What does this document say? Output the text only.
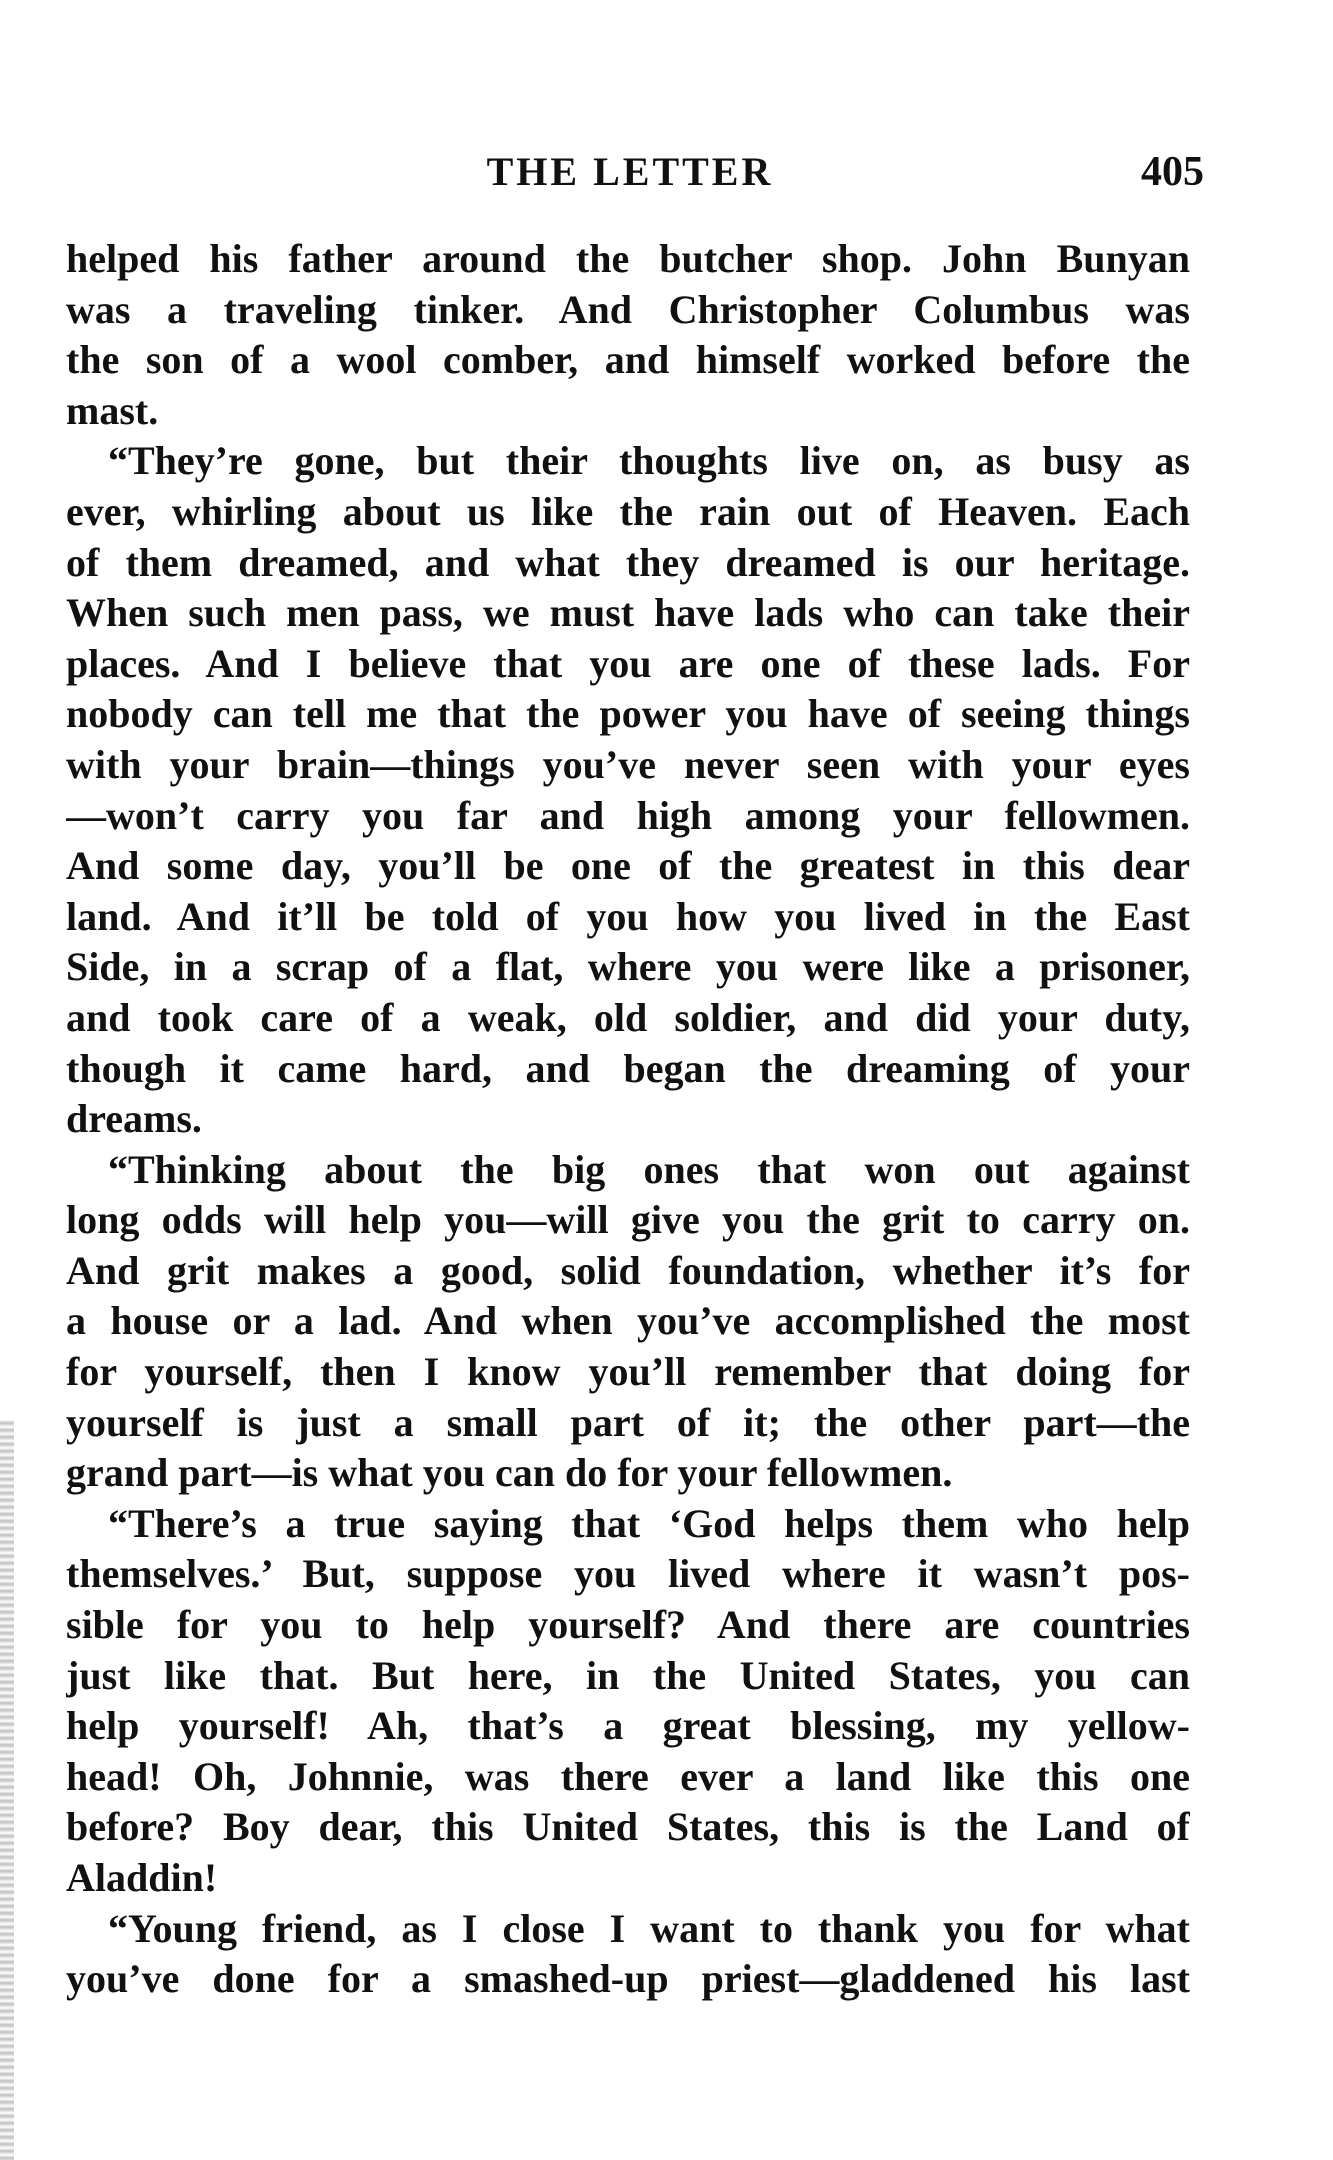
THE LETTER	405
helped his father around the butcher shop. John Bunyan
was a traveling tinker. And Christopher Columbus was
the son of a wool comber, and himself worked before the
mast.
“They’re gone, but their thoughts live on, as busy as
ever, whirling about us like the rain out of Heaven. Each
of them dreamed, and what they dreamed is our heritage.
When such men pass, we must have lads who can take their
places. And I believe that you are one of these lads. For
nobody can tell me that the power you have of seeing things
with your brain—things you’ve never seen with your eyes
—won’t carry you far and high among your fellowmen.
And some day, you’ll be one of the greatest in this dear
land. And it’ll be told of you how you lived in the East
Side, in a scrap of a flat, where you were like a prisoner,
and took care of a weak, old soldier, and did your duty,
though it came hard, and began the dreaming of your
dreams.
“Thinking about the big ones that won out against
long odds will help you—will give you the grit to carry on.
And grit makes a good, solid foundation, whether it’s for
a house or a lad. And when you’ve accomplished the most
for yourself, then I know you’ll remember that doing for
yourself is just a small part of it; the other part—the
grand part—is what you can do for your fellowmen.
“There’s a true saying that ‘God helps them who help
themselves.’ But, suppose you lived where it wasn’t pos-
sible for you to help yourself? And there are countries
just like that. But here, in the United States, you can
help yourself! Ah, that’s a great blessing, my yellow-
head! Oh, Johnnie, was there ever a land like this one
before? Boy dear, this United States, this is the Land of
Aladdin!
“Young friend, as I close I want to thank you for what
you’ve done for a smashed-up priest—gladdened his last
